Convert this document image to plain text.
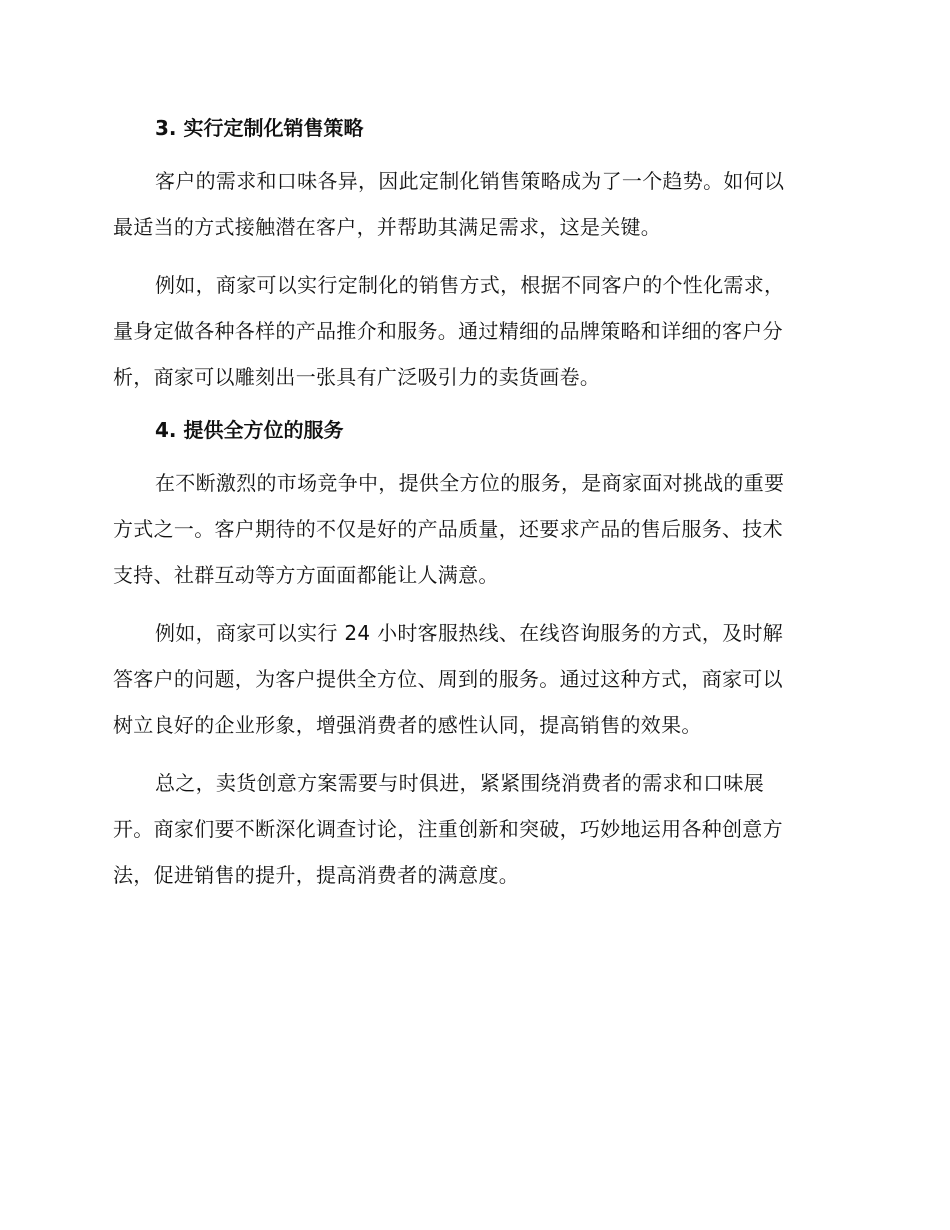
3. 实行定制化销售策略
客户的需求和口味各异，因此定制化销售策略成为了一个趋势。如何以
最适当的方式接触潜在客户，并帮助其满足需求，这是关键。
例如，商家可以实行定制化的销售方式，根据不同客户的个性化需求，
量身定做各种各样的产品推介和服务。通过精细的品牌策略和详细的客户分
析，商家可以雕刻出一张具有广泛吸引力的卖货画卷。
4. 提供全方位的服务
在不断激烈的市场竞争中，提供全方位的服务，是商家面对挑战的重要
方式之一。客户期待的不仅是好的产品质量，还要求产品的售后服务、技术
支持、社群互动等方方面面都能让人满意。
例如，商家可以实行 24 小时客服热线、在线咨询服务的方式，及时解
答客户的问题，为客户提供全方位、周到的服务。通过这种方式，商家可以
树立良好的企业形象，增强消费者的感性认同，提高销售的效果。
总之，卖货创意方案需要与时俱进，紧紧围绕消费者的需求和口味展
开。商家们要不断深化调查讨论，注重创新和突破，巧妙地运用各种创意方
法，促进销售的提升，提高消费者的满意度。
